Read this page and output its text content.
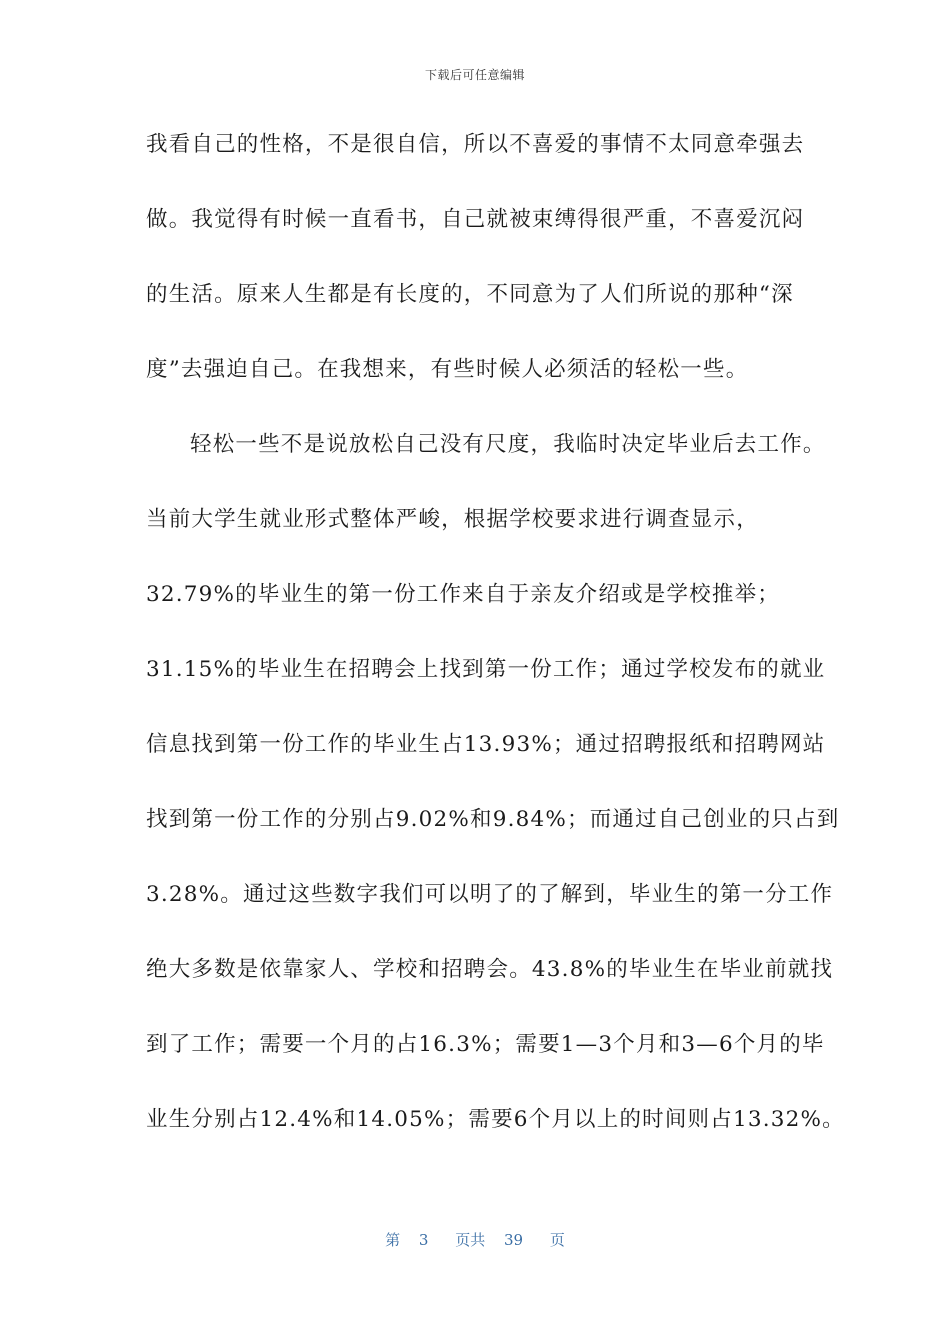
下载后可任意编辑
我看自己的性格，不是很自信，所以不喜爱的事情不太同意牵强去
做。我觉得有时候一直看书，自己就被束缚得很严重，不喜爱沉闷
的生活。原来人生都是有长度的，不同意为了人们所说的那种“深
度”去强迫自己。在我想来，有些时候人必须活的轻松一些。
轻松一些不是说放松自己没有尺度，我临时决定毕业后去工作。
当前大学生就业形式整体严峻，根据学校要求进行调查显示，
32.79%的毕业生的第一份工作来自于亲友介绍或是学校推举；
31.15%的毕业生在招聘会上找到第一份工作；通过学校发布的就业
信息找到第一份工作的毕业生占13.93%；通过招聘报纸和招聘网站
找到第一份工作的分别占9.02%和9.84%；而通过自己创业的只占到
3.28%。通过这些数字我们可以明了的了解到，毕业生的第一分工作
绝大多数是依靠家人、学校和招聘会。43.8%的毕业生在毕业前就找
到了工作；需要一个月的占16.3%；需要1—3个月和3—6个月的毕
业生分别占12.4%和14.05%；需要6个月以上的时间则占13.32%。
第 3 页共 39 页
